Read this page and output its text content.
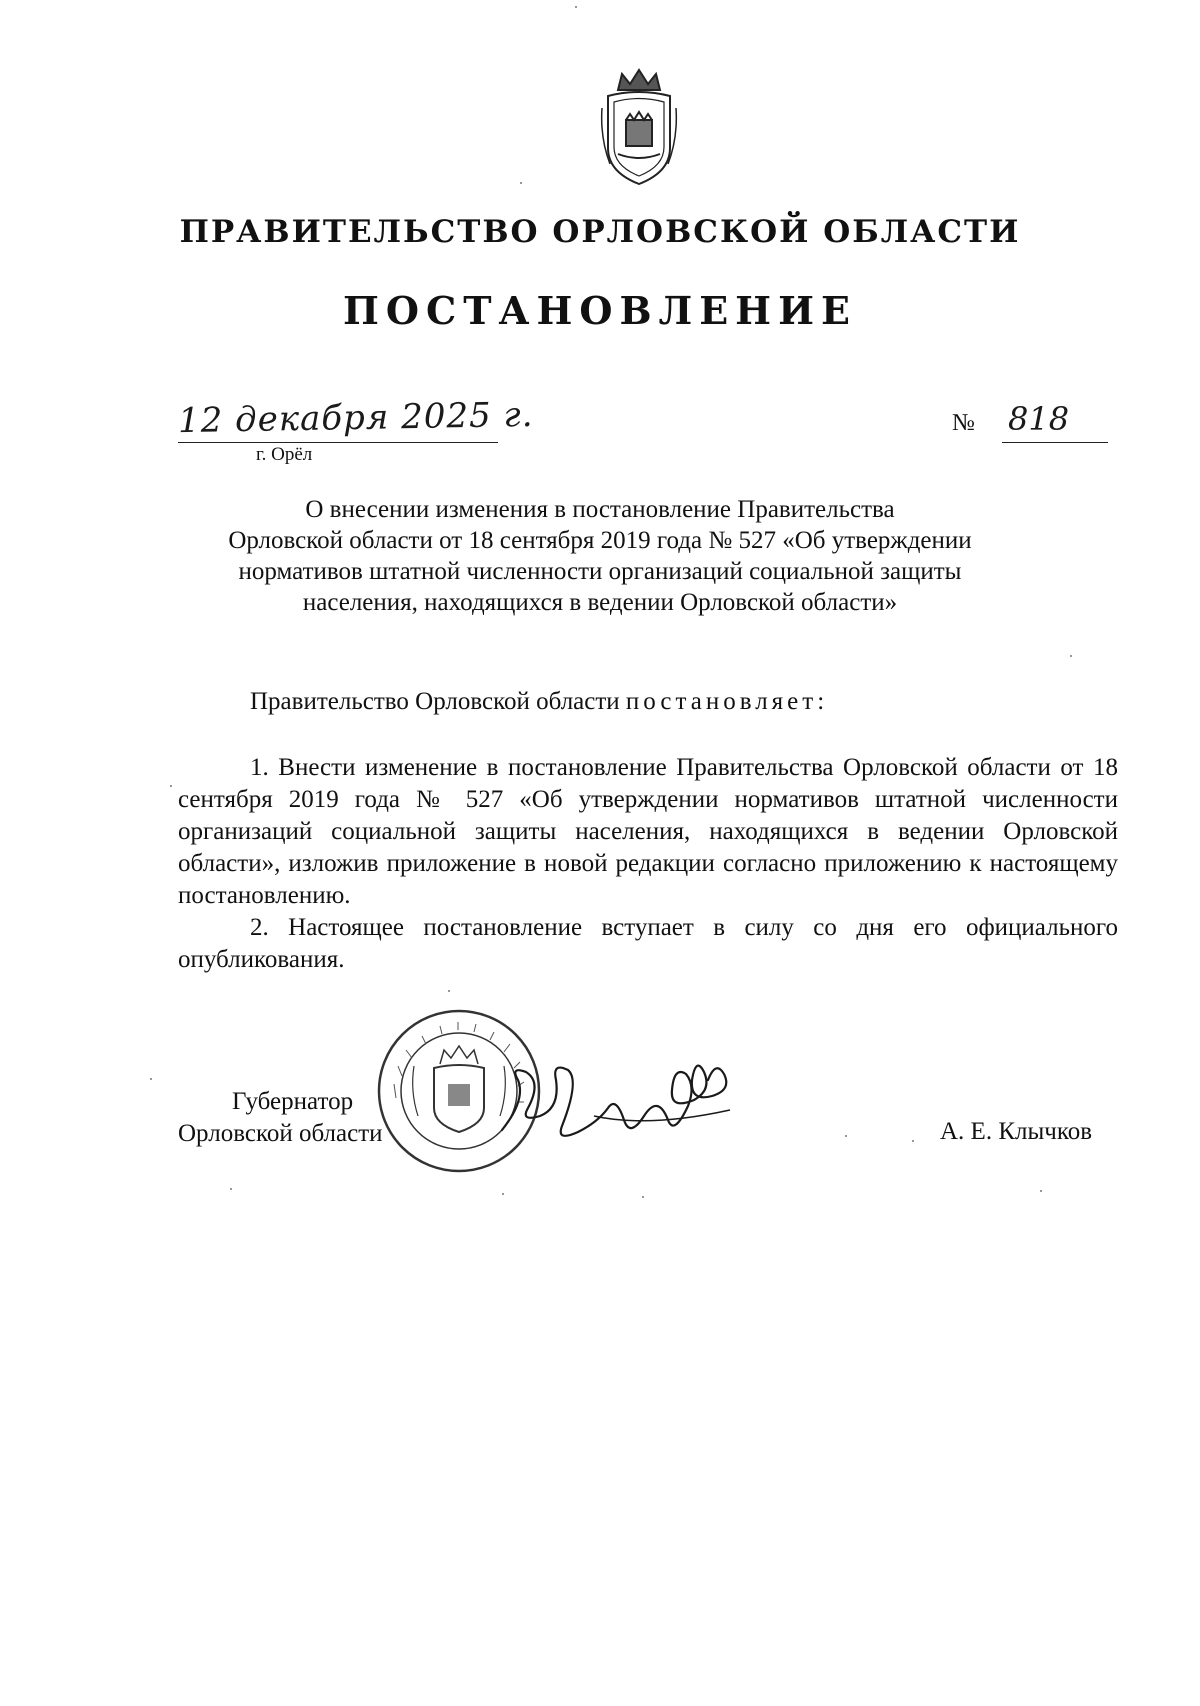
ПРАВИТЕЛЬСТВО ОРЛОВСКОЙ ОБЛАСТИ
ПОСТАНОВЛЕНИЕ
12 декабря 2025 г.
г. Орёл
№ 818
О внесении изменения в постановление Правительства
Орловской области от 18 сентября 2019 года № 527 «Об утверждении
нормативов штатной численности организаций социальной защиты
населения, находящихся в ведении Орловской области»
Правительство Орловской области постановляет:

1. Внести изменение в постановление Правительства Орловской области от 18 сентября 2019 года № 527 «Об утверждении нормативов штатной численности организаций социальной защиты населения, находящихся в ведении Орловской области», изложив приложение в новой редакции согласно приложению к настоящему постановлению.

2. Настоящее постановление вступает в силу со дня его официального опубликования.

Губернатор
Орловской области	А. Е. Клычков
